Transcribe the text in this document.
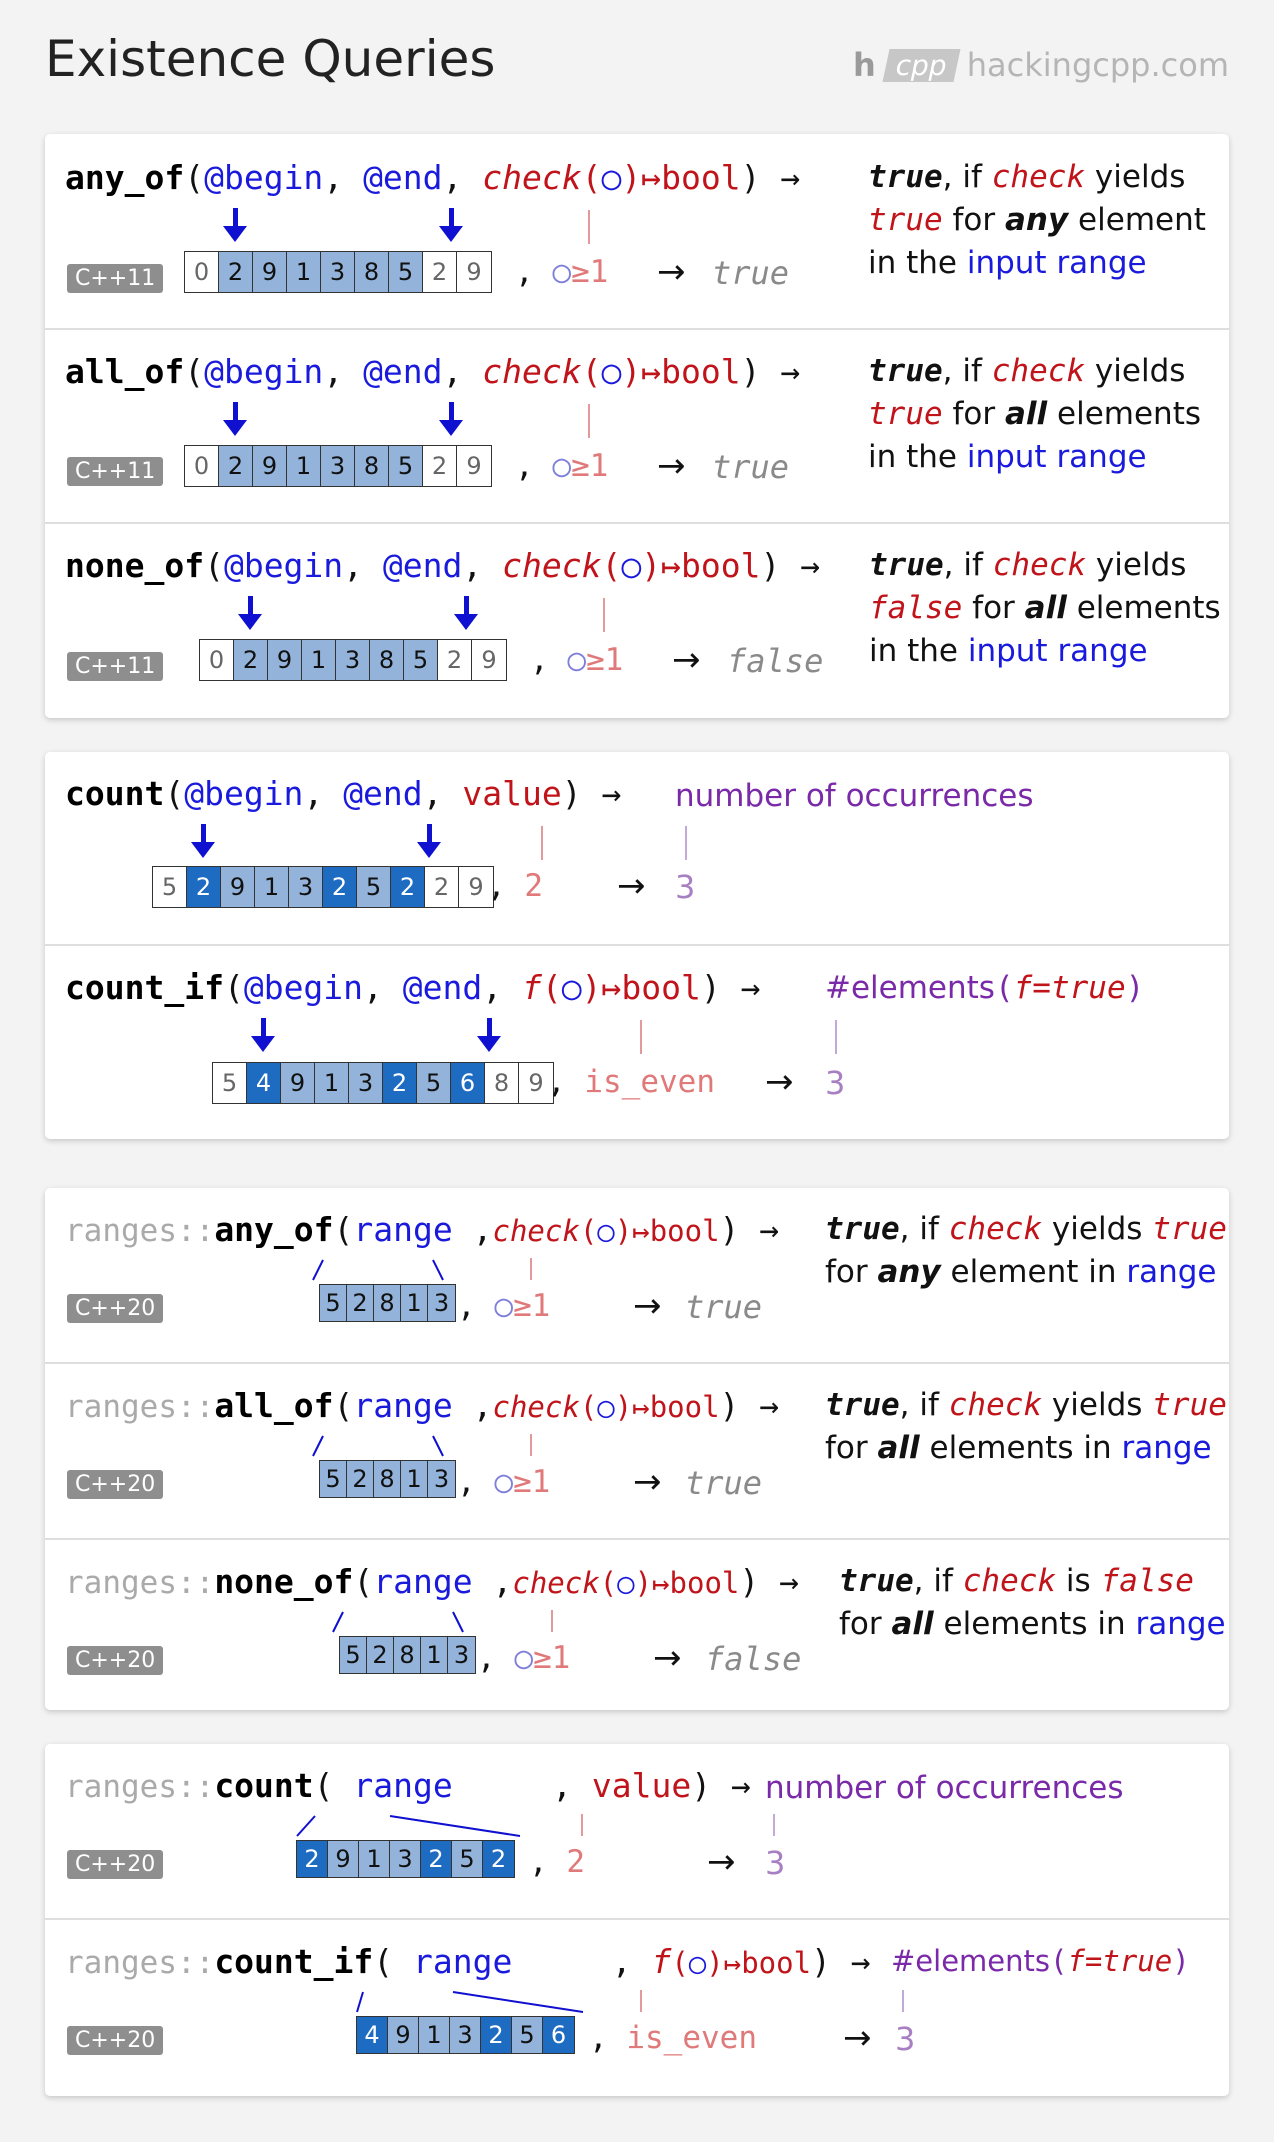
Existence Queries	h cpp hackingcpp.com
any_of(@begin, @end, check(○)↦bool) →
C++11	0 2 9 1 3 8 5 2 9	, ○≥1 → true
true, if check yields
true for any element
in the input range
all_of(@begin, @end, check(○)↦bool) →
C++11	0 2 9 1 3 8 5 2 9	, ○≥1 → true
true, if check yields
true for all elements
in the input range
none_of(@begin, @end, check(○)↦bool) →
C++11	0 2 9 1 3 8 5 2 9	, ○≥1 → false
true, if check yields
false for all elements
in the input range
count(@begin, @end, value) → number of occurrences
5 2 9 1 3 2 5 2 2 9 , 2 → 3
count_if(@begin, @end, f(○)↦bool) → #elements(f=true)
5 4 9 1 3 2 5 6 8 9 , is_even → 3
ranges::any_of(range ,check(○)↦bool) →
C++20	5 2 8 1 3 , ○≥1 → true
true, if check yields true
for any element in range
ranges::all_of(range ,check(○)↦bool) →
C++20	5 2 8 1 3 , ○≥1 → true
true, if check yields true
for all elements in range
ranges::none_of(range ,check(○)↦bool) →
C++20	5 2 8 1 3 , ○≥1 → false
true, if check is false
for all elements in range
ranges::count( range	, value) → number of occurrences
C++20	2 9 1 3 2 5 2 , 2	→ 3
ranges::count_if( range	, f(○)↦bool) → #elements(f=true)
C++20	4 9 1 3 2 5 6 , is_even	→ 3
